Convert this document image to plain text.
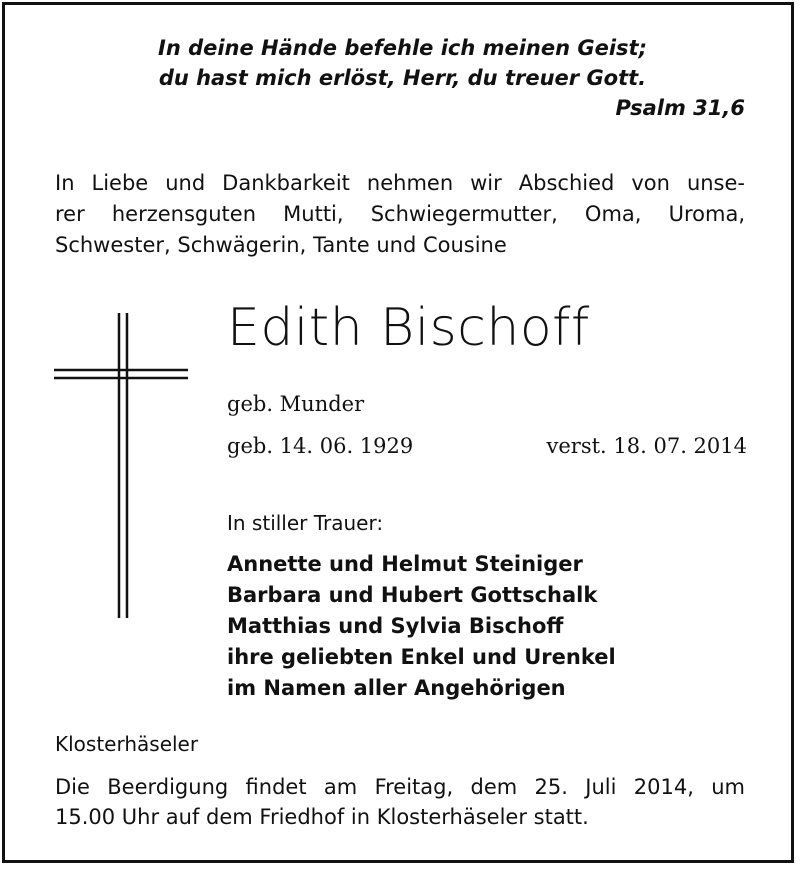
In deine Hände befehle ich meinen Geist;
du hast mich erlöst, Herr, du treuer Gott.
Psalm 31,6
In Liebe und Dankbarkeit nehmen wir Abschied von unse-
rer herzensguten Mutti, Schwiegermutter, Oma, Uroma,
Schwester, Schwägerin, Tante und Cousine
Edith Bischoff
geb. Munder
geb. 14. 06. 1929	verst. 18. 07. 2014
In stiller Trauer:
Annette und Helmut Steiniger
Barbara und Hubert Gottschalk
Matthias und Sylvia Bischoff
ihre geliebten Enkel und Urenkel
im Namen aller Angehörigen
Klosterhäseler
Die Beerdigung findet am Freitag, dem 25. Juli 2014, um
15.00 Uhr auf dem Friedhof in Klosterhäseler statt.
